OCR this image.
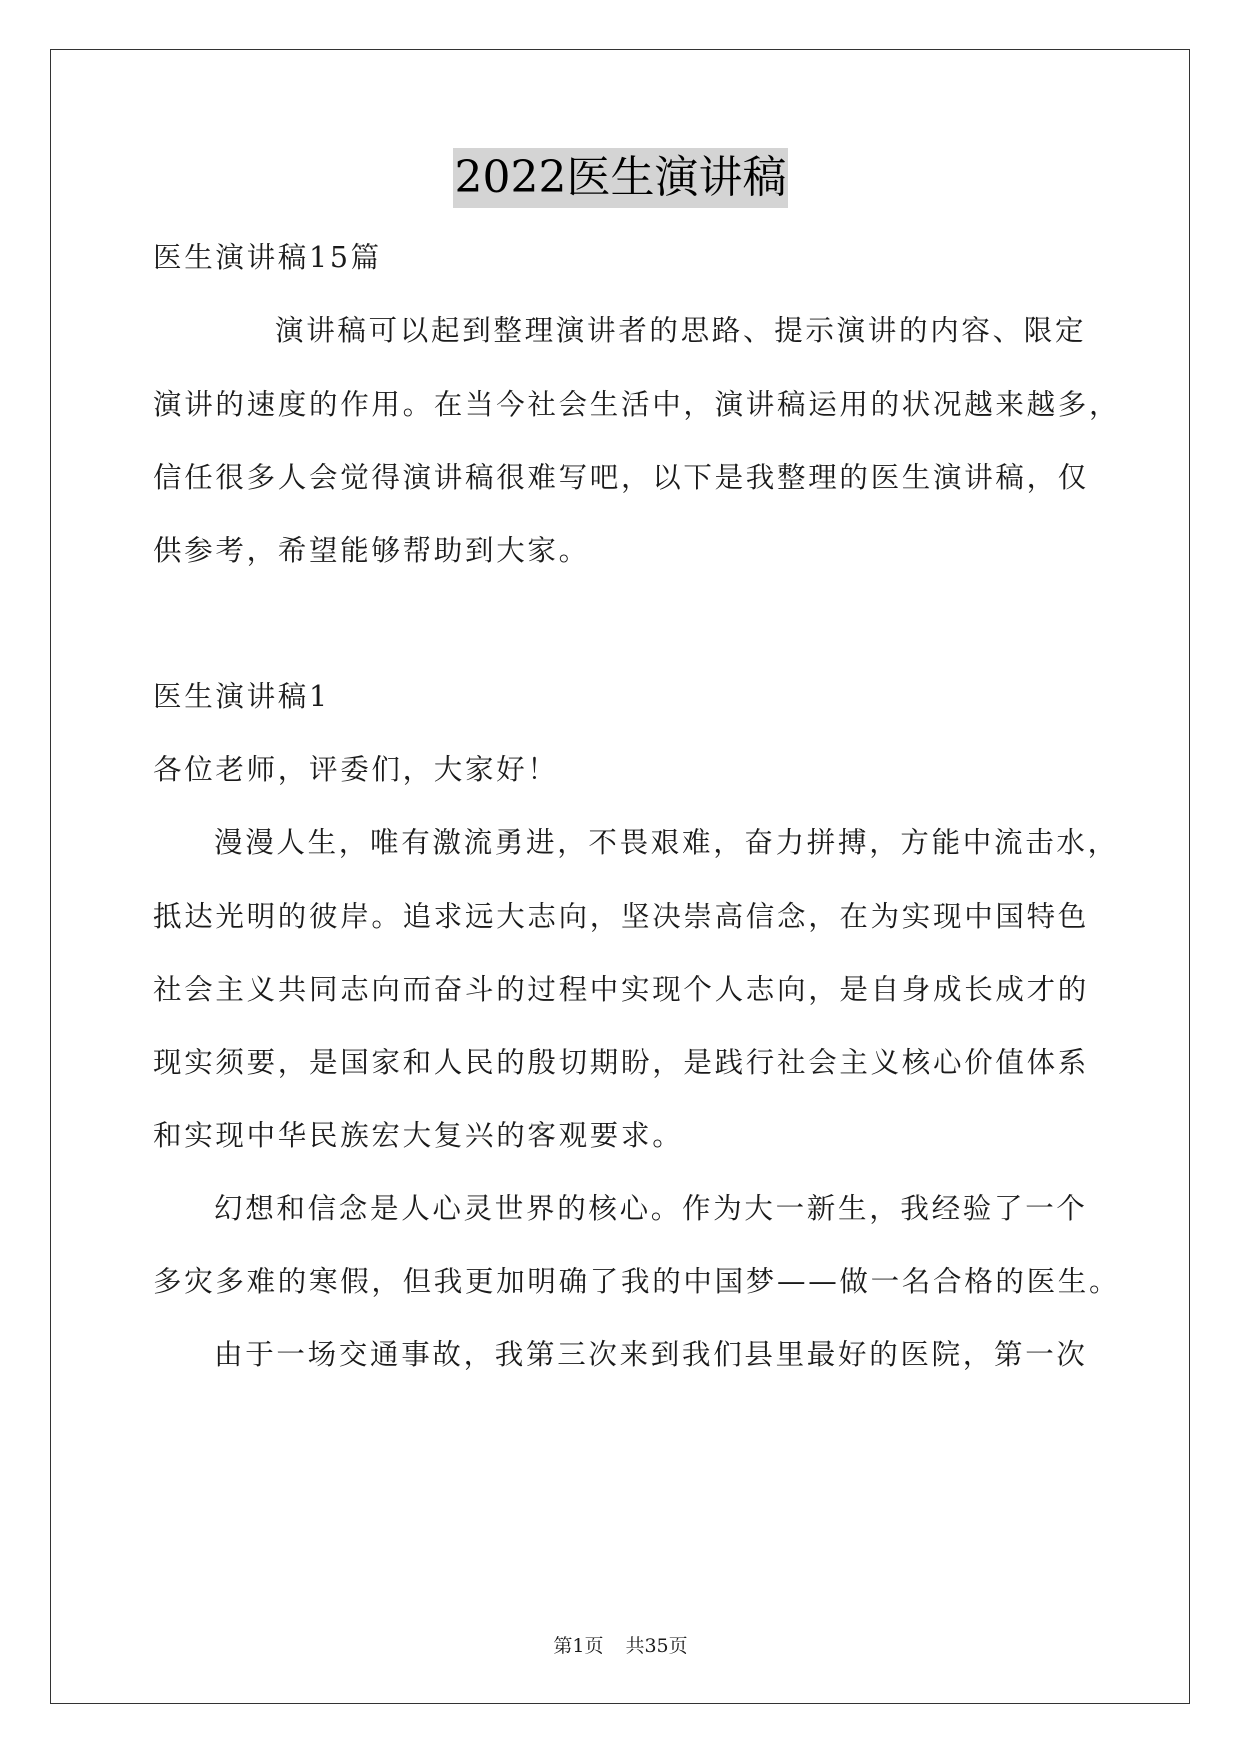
2022医生演讲稿
医生演讲稿15篇
演讲稿可以起到整理演讲者的思路、提示演讲的内容、限定
演讲的速度的作用。在当今社会生活中，演讲稿运用的状况越来越多，
信任很多人会觉得演讲稿很难写吧，以下是我整理的医生演讲稿，仅
供参考，希望能够帮助到大家。
医生演讲稿1
各位老师，评委们，大家好！
漫漫人生，唯有激流勇进，不畏艰难，奋力拼搏，方能中流击水，
抵达光明的彼岸。追求远大志向，坚决崇高信念，在为实现中国特色
社会主义共同志向而奋斗的过程中实现个人志向，是自身成长成才的
现实须要，是国家和人民的殷切期盼，是践行社会主义核心价值体系
和实现中华民族宏大复兴的客观要求。
幻想和信念是人心灵世界的核心。作为大一新生，我经验了一个
多灾多难的寒假，但我更加明确了我的中国梦——做一名合格的医生。
由于一场交通事故，我第三次来到我们县里最好的医院，第一次
第1页 共35页
